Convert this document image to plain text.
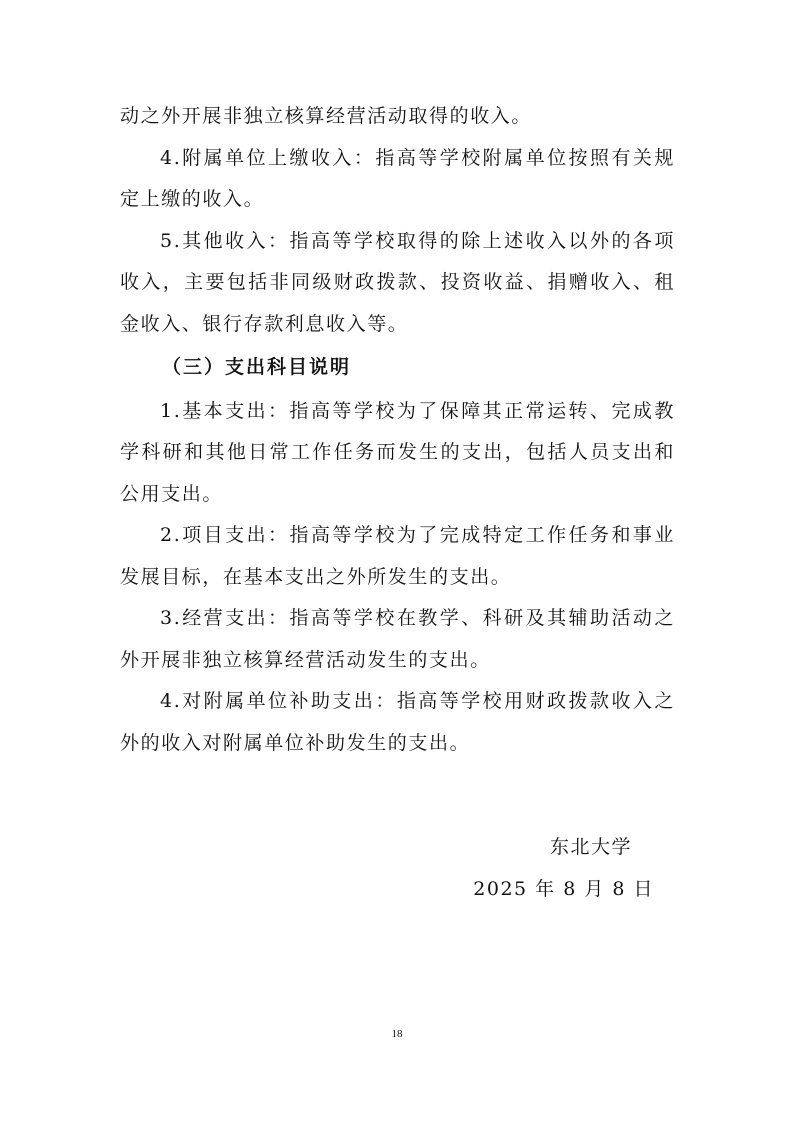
动之外开展非独立核算经营活动取得的收入。

4.附属单位上缴收入：指高等学校附属单位按照有关规定上缴的收入。

5.其他收入：指高等学校取得的除上述收入以外的各项收入，主要包括非同级财政拨款、投资收益、捐赠收入、租金收入、银行存款利息收入等。

（三）支出科目说明

1.基本支出：指高等学校为了保障其正常运转、完成教学科研和其他日常工作任务而发生的支出，包括人员支出和公用支出。

2.项目支出：指高等学校为了完成特定工作任务和事业发展目标，在基本支出之外所发生的支出。

3.经营支出：指高等学校在教学、科研及其辅助活动之外开展非独立核算经营活动发生的支出。

4.对附属单位补助支出：指高等学校用财政拨款收入之外的收入对附属单位补助发生的支出。

东北大学
2025 年 8 月 8 日
18
